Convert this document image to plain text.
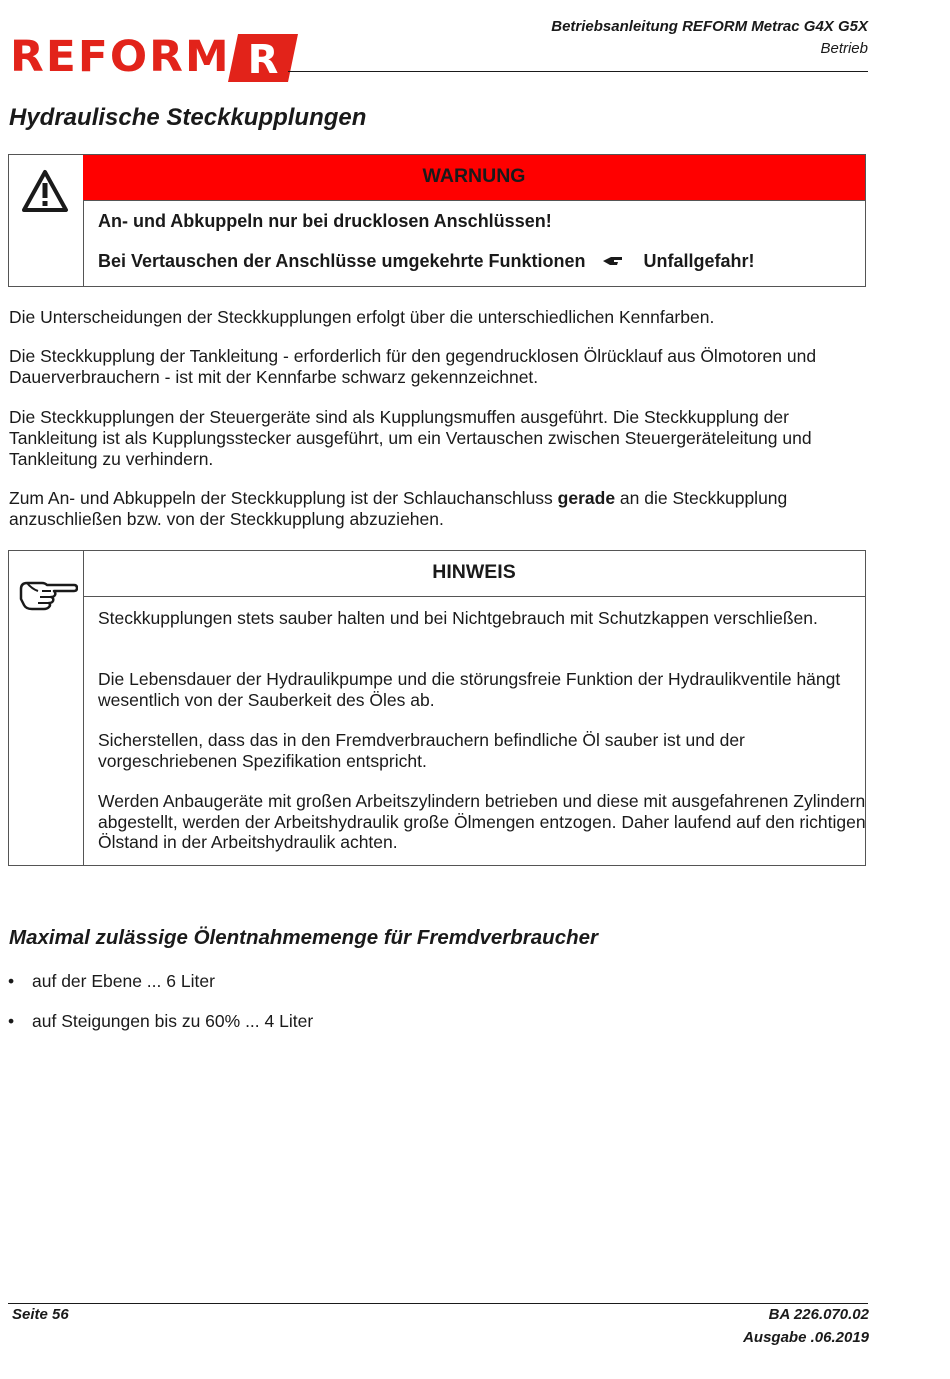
REFORM R
Betriebsanleitung REFORM Metrac G4X G5X
Betrieb
Hydraulische Steckkupplungen
WARNUNG
An- und Abkuppeln nur bei drucklosen Anschlüssen!
Bei Vertauschen der Anschlüsse umgekehrte Funktionen	Unfallgefahr!
Die Unterscheidungen der Steckkupplungen erfolgt über die unterschiedlichen Kennfarben.
Die Steckkupplung der Tankleitung - erforderlich für den gegendrucklosen Ölrücklauf aus Ölmotoren und Dauerverbrauchern - ist mit der Kennfarbe schwarz gekennzeichnet.
Die Steckkupplungen der Steuergeräte sind als Kupplungsmuffen ausgeführt. Die Steckkupplung der Tankleitung ist als Kupplungsstecker ausgeführt, um ein Vertauschen zwischen Steuergeräteleitung und Tankleitung zu verhindern.
Zum An- und Abkuppeln der Steckkupplung ist der Schlauchanschluss gerade an die Steckkupplung anzuschließen bzw. von der Steckkupplung abzuziehen.
HINWEIS
Steckkupplungen stets sauber halten und bei Nichtgebrauch mit Schutzkappen verschließen.
Die Lebensdauer der Hydraulikpumpe und die störungsfreie Funktion der Hydraulikventile hängt wesentlich von der Sauberkeit des Öles ab.
Sicherstellen, dass das in den Fremdverbrauchern befindliche Öl sauber ist und der vorgeschriebenen Spezifikation entspricht.
Werden Anbaugeräte mit großen Arbeitszylindern betrieben und diese mit ausgefahrenen Zylindern abgestellt, werden der Arbeitshydraulik große Ölmengen entzogen. Daher laufend auf den richtigen Ölstand in der Arbeitshydraulik achten.
Maximal zulässige Ölentnahmemenge für Fremdverbraucher
• auf der Ebene ... 6 Liter
• auf Steigungen bis zu 60% ... 4 Liter
Seite 56	BA 226.070.02
Ausgabe .06.2019
